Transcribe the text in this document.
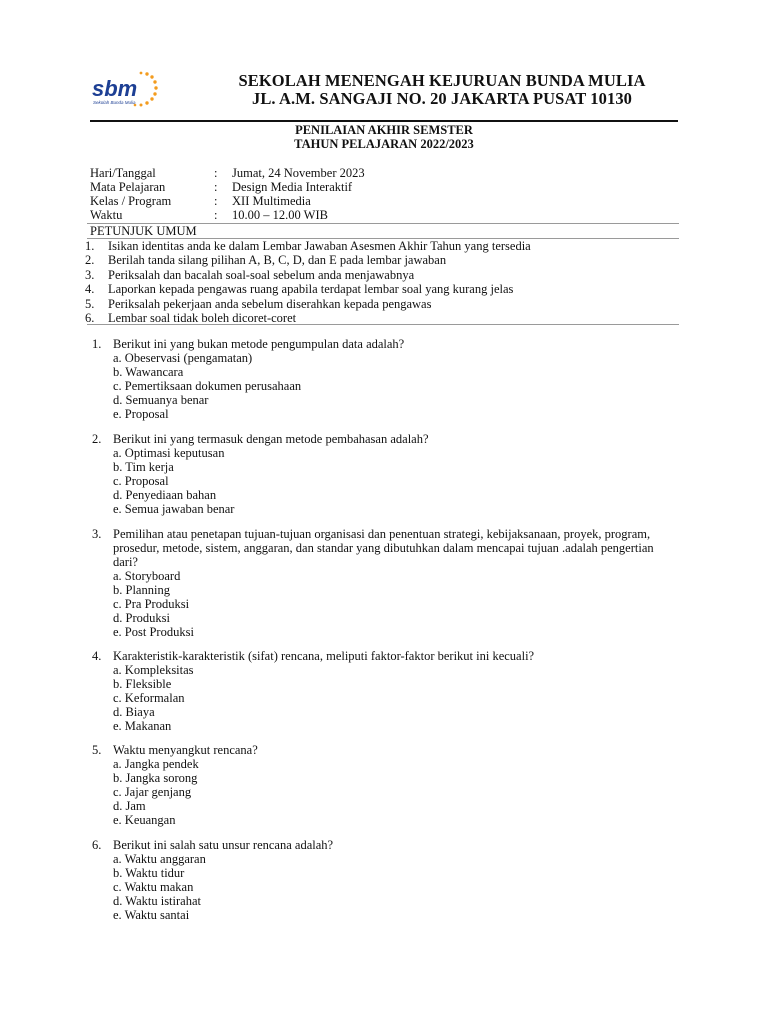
sbm
Sekolah Bunda Mulia
SEKOLAH MENENGAH KEJURUAN BUNDA MULIA
JL. A.M. SANGAJI NO. 20 JAKARTA PUSAT 10130
PENILAIAN AKHIR SEMSTER
TAHUN PELAJARAN 2022/2023
Hari/Tanggal	: Jumat, 24 November 2023
Mata Pelajaran	: Design Media Interaktif
Kelas / Program	: XII Multimedia
Waktu	: 10.00 – 12.00 WIB
PETUNJUK UMUM
1. Isikan identitas anda ke dalam Lembar Jawaban Asesmen Akhir Tahun yang tersedia
2. Berilah tanda silang pilihan A, B, C, D, dan E pada lembar jawaban
3. Periksalah dan bacalah soal-soal sebelum anda menjawabnya
4. Laporkan kepada pengawas ruang apabila terdapat lembar soal yang kurang jelas
5. Periksalah pekerjaan anda sebelum diserahkan kepada pengawas
6. Lembar soal tidak boleh dicoret-coret
1. Berikut ini yang bukan metode pengumpulan data adalah?
a. Obeservasi (pengamatan)
b. Wawancara
c. Pemertiksaan dokumen perusahaan
d. Semuanya benar
e. Proposal
2. Berikut ini yang termasuk dengan metode pembahasan adalah?
a. Optimasi keputusan
b. Tim kerja
c. Proposal
d. Penyediaan bahan
e. Semua jawaban benar
3. Pemilihan atau penetapan tujuan-tujuan organisasi dan penentuan strategi, kebijaksanaan, proyek, program, prosedur, metode, sistem, anggaran, dan standar yang dibutuhkan dalam mencapai tujuan .adalah pengertian dari?
a. Storyboard
b. Planning
c. Pra Produksi
d. Produksi
e. Post Produksi
4. Karakteristik-karakteristik (sifat) rencana, meliputi faktor-faktor berikut ini kecuali?
a. Kompleksitas
b. Fleksible
c. Keformalan
d. Biaya
e. Makanan
5. Waktu menyangkut rencana?
a. Jangka pendek
b. Jangka sorong
c. Jajar genjang
d. Jam
e. Keuangan
6. Berikut ini salah satu unsur rencana adalah?
a. Waktu anggaran
b. Waktu tidur
c. Waktu makan
d. Waktu istirahat
e. Waktu santai
